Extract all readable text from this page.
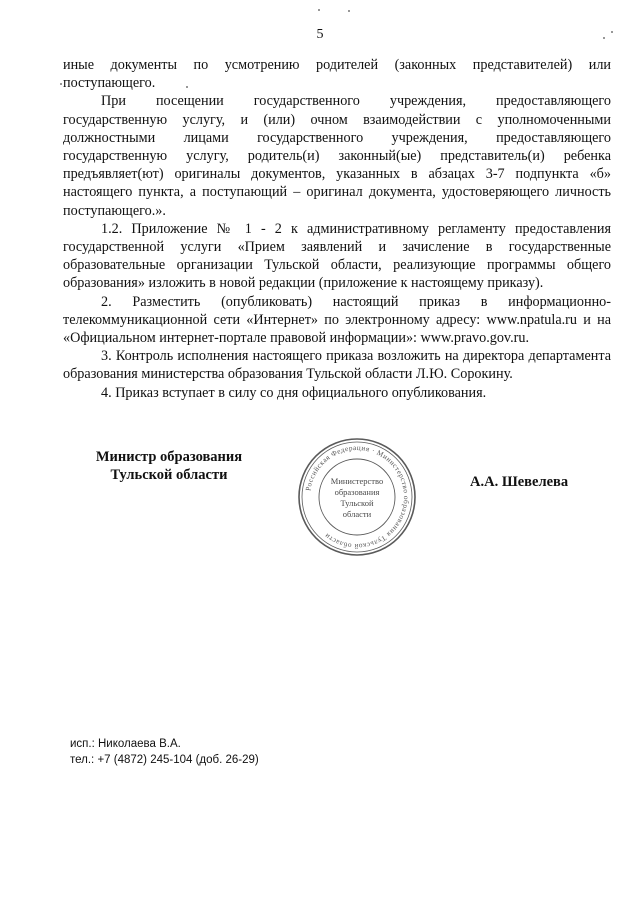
5

иные документы по усмотрению родителей (законных представителей) или поступающего.

При посещении государственного учреждения, предоставляющего государственную услугу, и (или) очном взаимодействии с уполномоченными должностными лицами государственного учреждения, предоставляющего государственную услугу, родитель(и) законный(ые) представитель(и) ребенка предъявляет(ют) оригиналы документов, указанных в абзацах 3-7 подпункта «б» настоящего пункта, а поступающий – оригинал документа, удостоверяющего личность поступающего.».

1.2. Приложение № 1 - 2 к административному регламенту предоставления государственной услуги «Прием заявлений и зачисление в государственные образовательные организации Тульской области, реализующие программы общего образования» изложить в новой редакции (приложение к настоящему приказу).

2. Разместить (опубликовать) настоящий приказ в информационно-телекоммуникационной сети «Интернет» по электронному адресу: www.npatula.ru и на «Официальном интернет-портале правовой информации»: www.pravo.gov.ru.

3. Контроль исполнения настоящего приказа возложить на директора департамента образования министерства образования Тульской области Л.Ю. Сорокину.

4. Приказ вступает в силу со дня официального опубликования.

Министр образования
Тульской области
Российская Федерация · Министерство образования Тульской области
Министерство
образования
Тульской
области
А.А. Шевелева
исп.: Николаева В.А.
тел.: +7 (4872) 245-104 (доб. 26-29)
